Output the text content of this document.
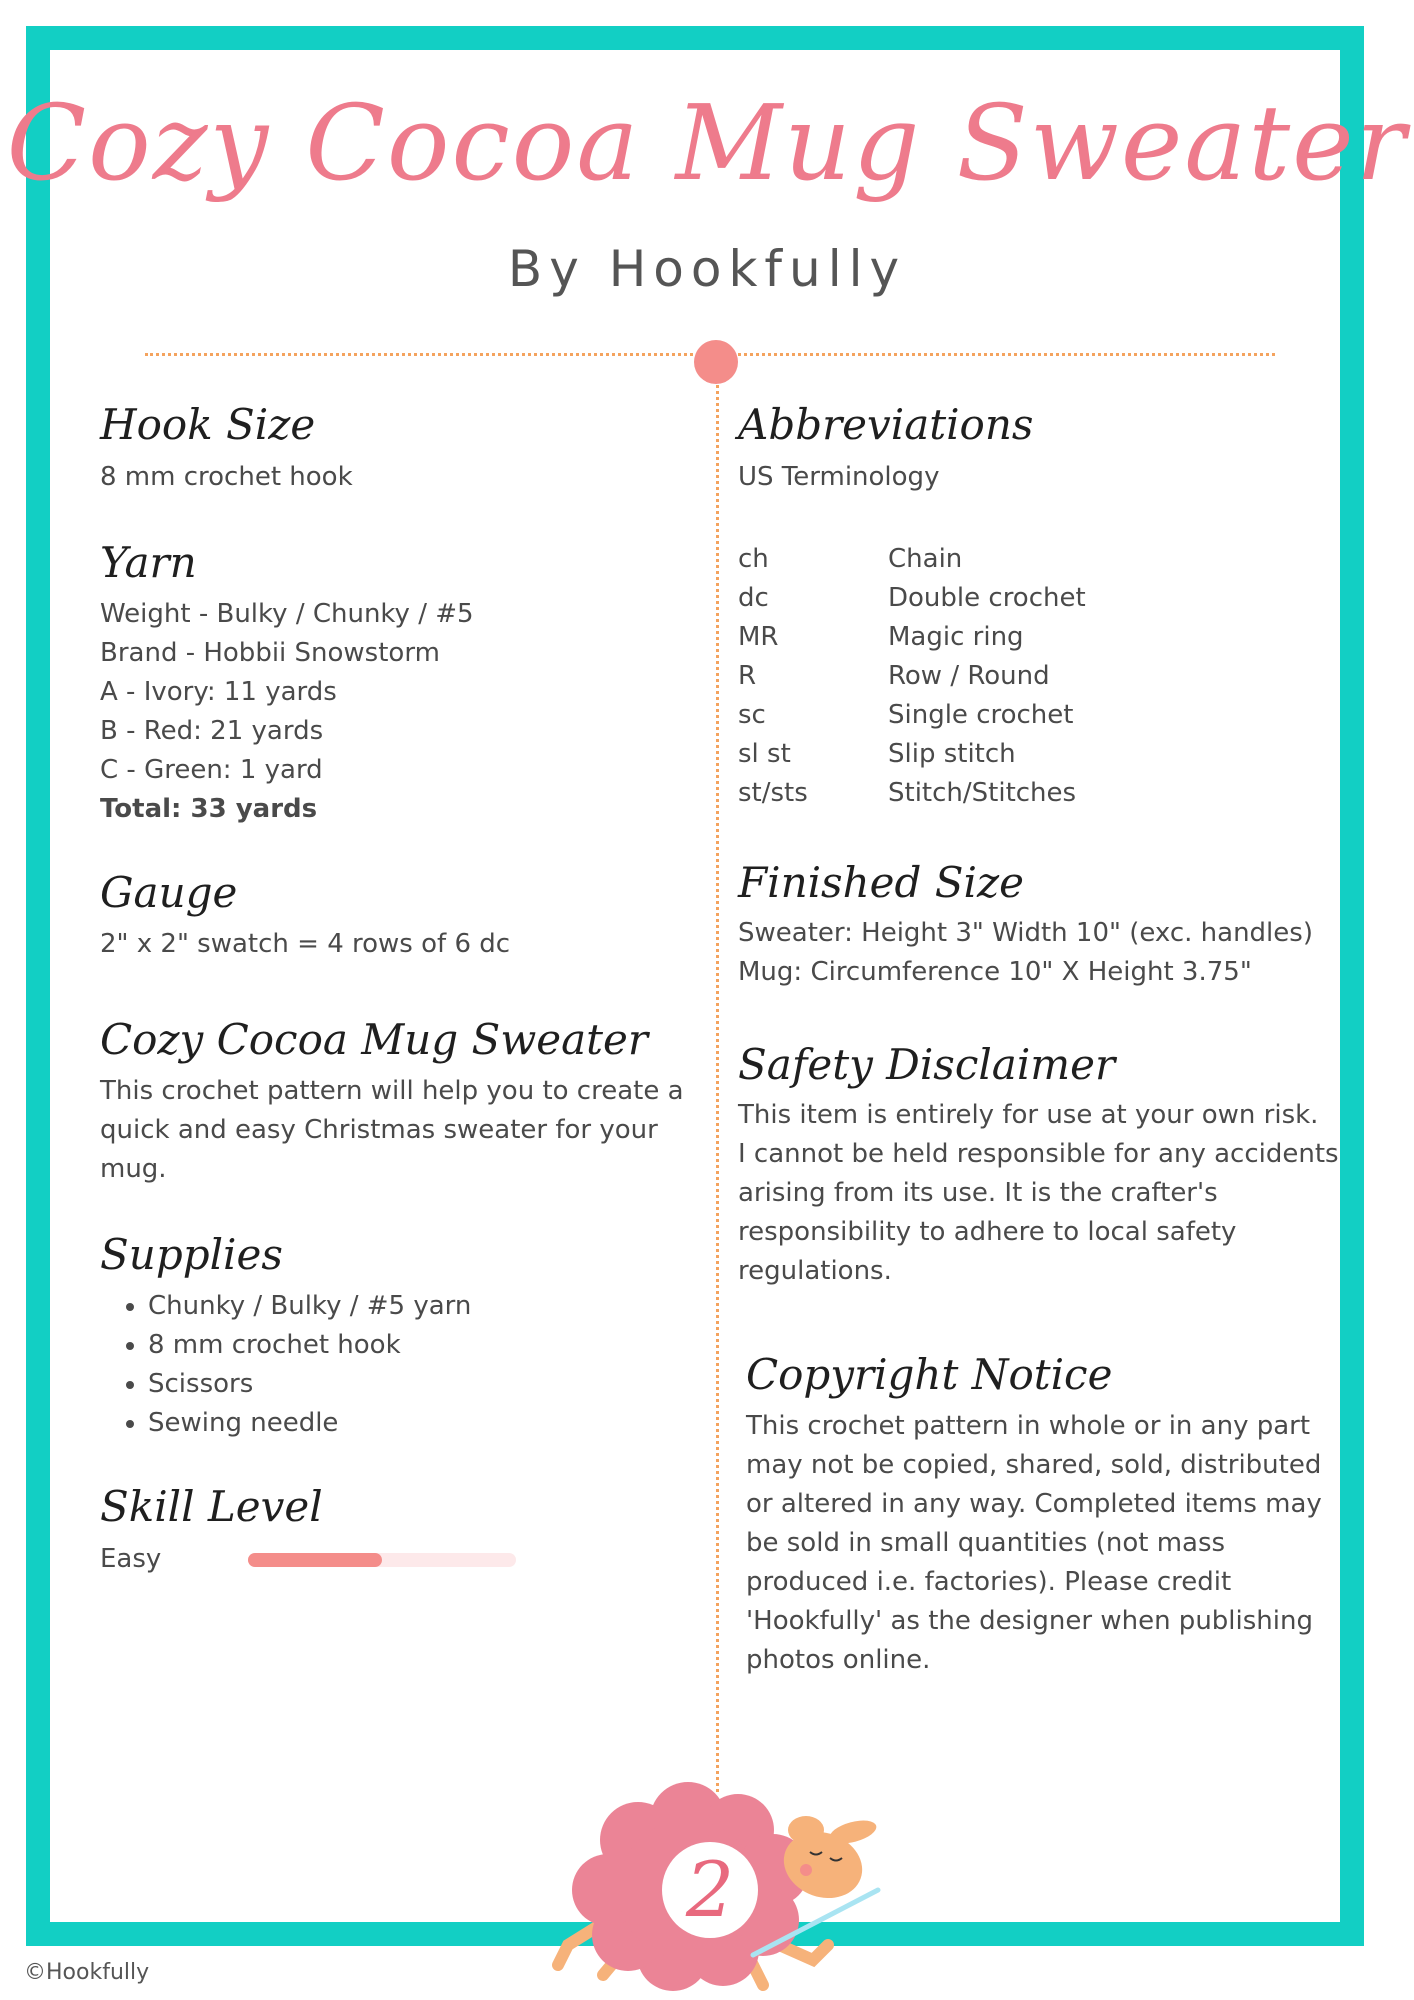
Cozy Cocoa Mug Sweater
By Hookfully
Hook Size
8 mm crochet hook
Yarn
Weight - Bulky / Chunky / #5
Brand - Hobbii Snowstorm
A - Ivory: 11 yards
B - Red: 21 yards
C - Green: 1 yard
Total: 33 yards
Gauge
2" x 2" swatch = 4 rows of 6 dc
Cozy Cocoa Mug Sweater
This crochet pattern will help you to create a
quick and easy Christmas sweater for your
mug.
Supplies
• Chunky / Bulky / #5 yarn
• 8 mm crochet hook
• Scissors
• Sewing needle
Skill Level
Easy
Abbreviations
US Terminology
ch	Chain
dc	Double crochet
MR	Magic ring
R	Row / Round
sc	Single crochet
sl st	Slip stitch
st/sts	Stitch/Stitches
Finished Size
Sweater: Height 3" Width 10" (exc. handles)
Mug: Circumference 10" X Height 3.75"
Safety Disclaimer
This item is entirely for use at your own risk.
I cannot be held responsible for any accidents
arising from its use. It is the crafter's
responsibility to adhere to local safety
regulations.
Copyright Notice
This crochet pattern in whole or in any part
may not be copied, shared, sold, distributed
or altered in any way. Completed items may
be sold in small quantities (not mass
produced i.e. factories). Please credit
'Hookfully' as the designer when publishing
photos online.
2
©Hookfully
